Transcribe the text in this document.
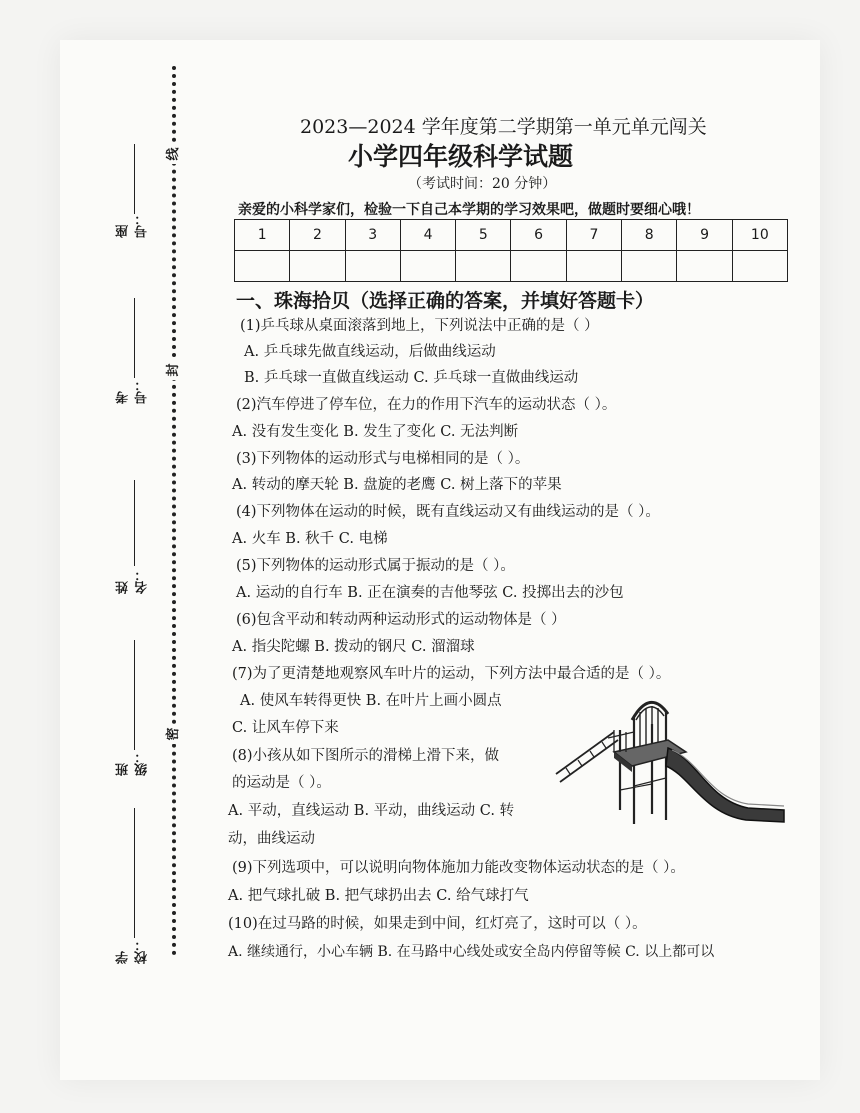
线
封
密
座号：
考号：
姓名：
班级：
学校：
2023—2024 学年度第二学期第一单元单元闯关
小学四年级科学试题
（考试时间：20 分钟）
亲爱的小科学家们，检验一下自己本学期的学习效果吧，做题时要细心哦！
1	2	3	4	5	6	7	8	9	10

一、珠海拾贝（选择正确的答案，并填好答题卡）
(1)乒乓球从桌面滚落到地上，下列说法中正确的是（ ）
A. 乒乓球先做直线运动，后做曲线运动
B. 乒乓球一直做直线运动 C. 乒乓球一直做曲线运动
(2)汽车停进了停车位，在力的作用下汽车的运动状态（ ）。
A. 没有发生变化 B. 发生了变化 C. 无法判断
(3)下列物体的运动形式与电梯相同的是（ ）。
A. 转动的摩天轮 B. 盘旋的老鹰 C. 树上落下的苹果
(4)下列物体在运动的时候，既有直线运动又有曲线运动的是（ ）。
A. 火车 B. 秋千 C. 电梯
(5)下列物体的运动形式属于振动的是（ ）。
A. 运动的自行车 B. 正在演奏的吉他琴弦 C. 投掷出去的沙包
(6)包含平动和转动两种运动形式的运动物体是（ ）
A. 指尖陀螺 B. 拨动的钢尺 C. 溜溜球
(7)为了更清楚地观察风车叶片的运动，下列方法中最合适的是（ ）。
A. 使风车转得更快 B. 在叶片上画小圆点
C. 让风车停下来
(8)小孩从如下图所示的滑梯上滑下来，做
的运动是（ ）。
A. 平动，直线运动 B. 平动，曲线运动 C. 转
动，曲线运动
(9)下列选项中，可以说明向物体施加力能改变物体运动状态的是（ ）。
A. 把气球扎破 B. 把气球扔出去 C. 给气球打气
(10)在过马路的时候，如果走到中间，红灯亮了，这时可以（ ）。
A. 继续通行，小心车辆 B. 在马路中心线处或安全岛内停留等候 C. 以上都可以
